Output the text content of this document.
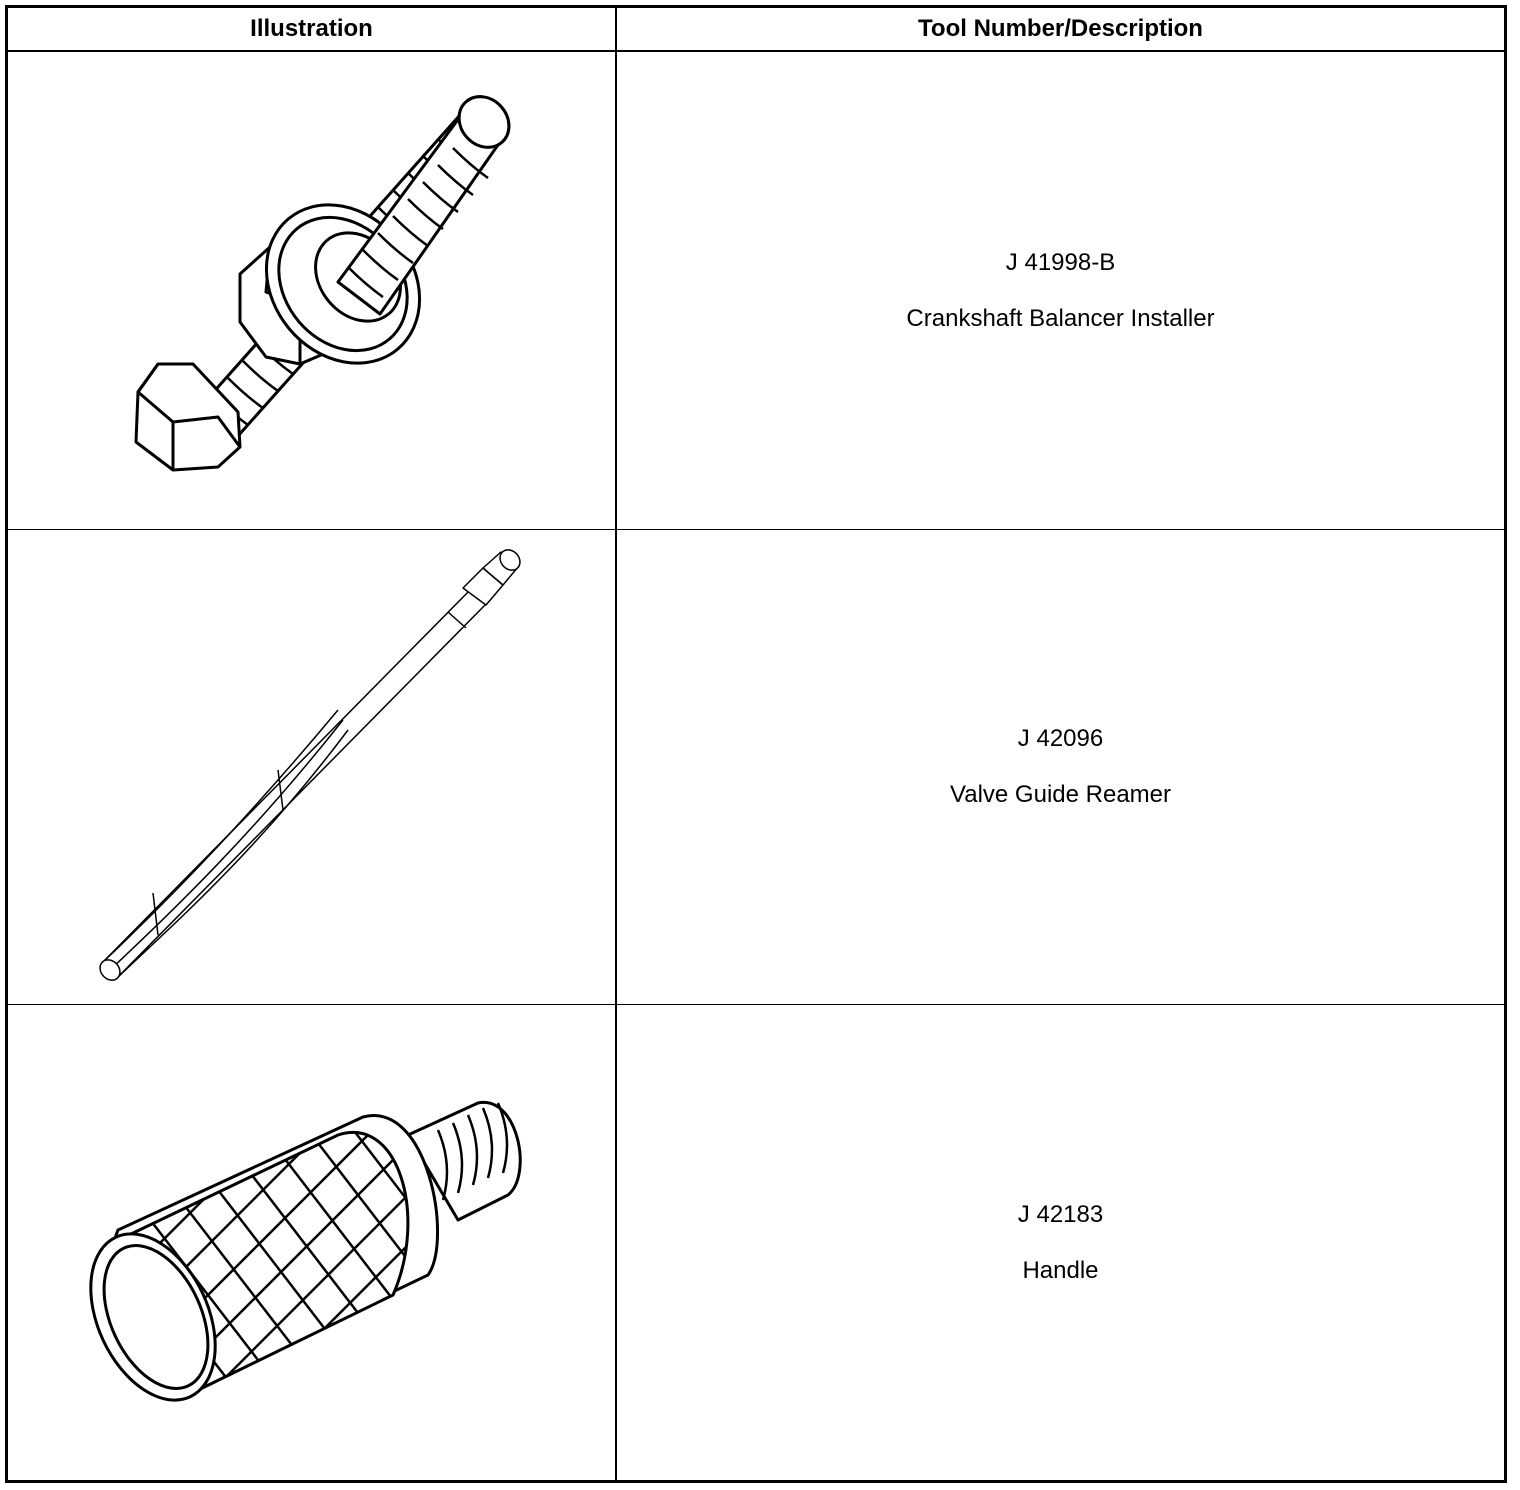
Illustration	Tool Number/Description
J 41998-B
Crankshaft Balancer Installer
J 42096
Valve Guide Reamer
J 42183
Handle
